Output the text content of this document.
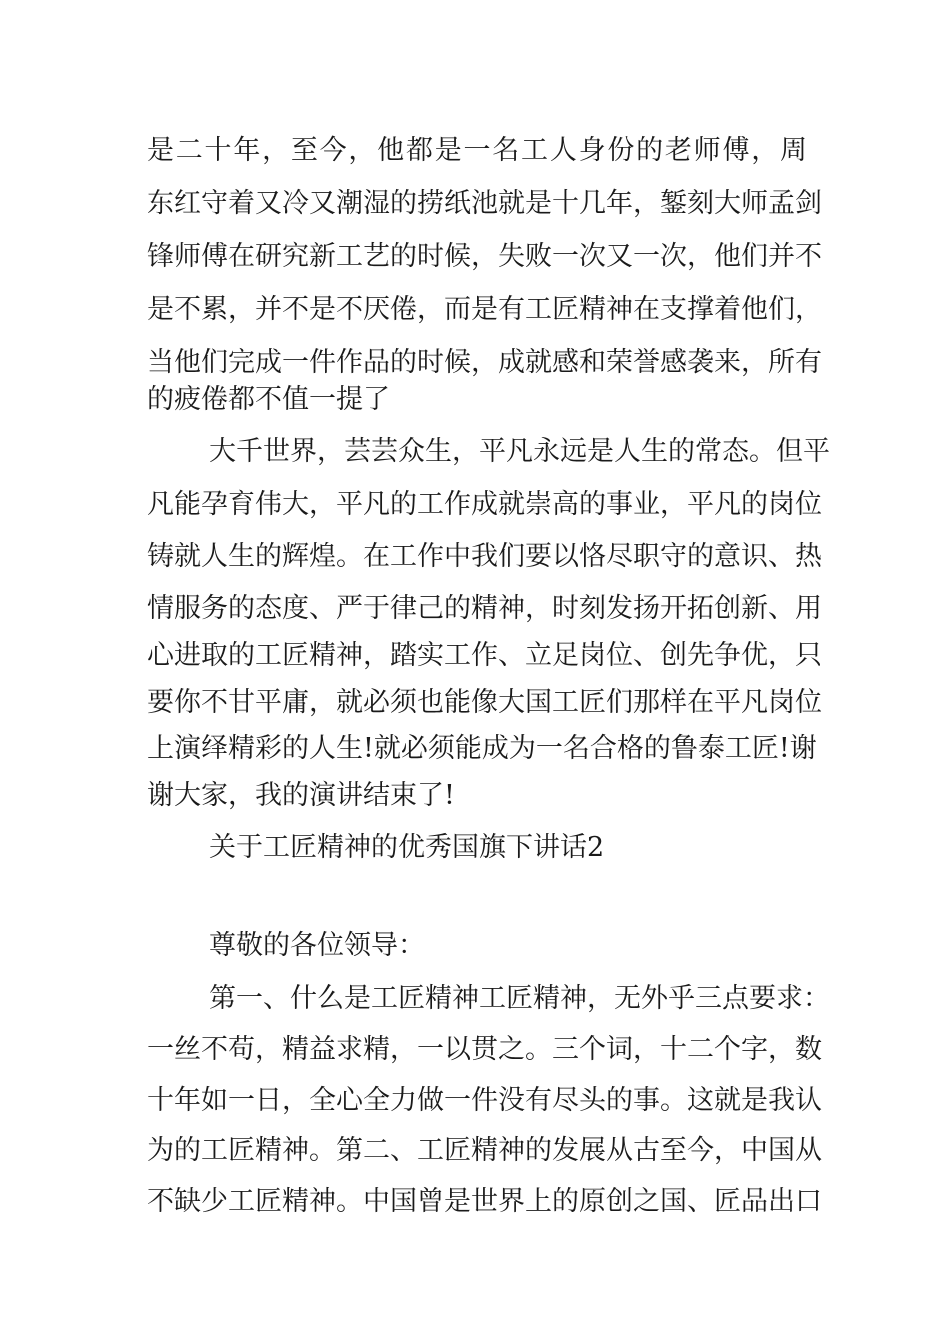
是二十年，至今，他都是一名工人身份的老师傅，周
东红守着又冷又潮湿的捞纸池就是十几年，錾刻大师孟剑
锋师傅在研究新工艺的时候，失败一次又一次，他们并不
是不累，并不是不厌倦，而是有工匠精神在支撑着他们，
当他们完成一件作品的时候，成就感和荣誉感袭来，所有
的疲倦都不值一提了
大千世界，芸芸众生，平凡永远是人生的常态。但平
凡能孕育伟大，平凡的工作成就崇高的事业，平凡的岗位
铸就人生的辉煌。在工作中我们要以恪尽职守的意识、热
情服务的态度、严于律己的精神，时刻发扬开拓创新、用
心进取的工匠精神，踏实工作、立足岗位、创先争优，只
要你不甘平庸，就必须也能像大国工匠们那样在平凡岗位
上演绎精彩的人生!就必须能成为一名合格的鲁泰工匠!谢
谢大家，我的演讲结束了!
关于工匠精神的优秀国旗下讲话2
尊敬的各位领导：
第一、什么是工匠精神工匠精神，无外乎三点要求：
一丝不苟，精益求精，一以贯之。三个词，十二个字，数
十年如一日，全心全力做一件没有尽头的事。这就是我认
为的工匠精神。第二、工匠精神的发展从古至今，中国从
不缺少工匠精神。中国曾是世界上的原创之国、匠品出口
